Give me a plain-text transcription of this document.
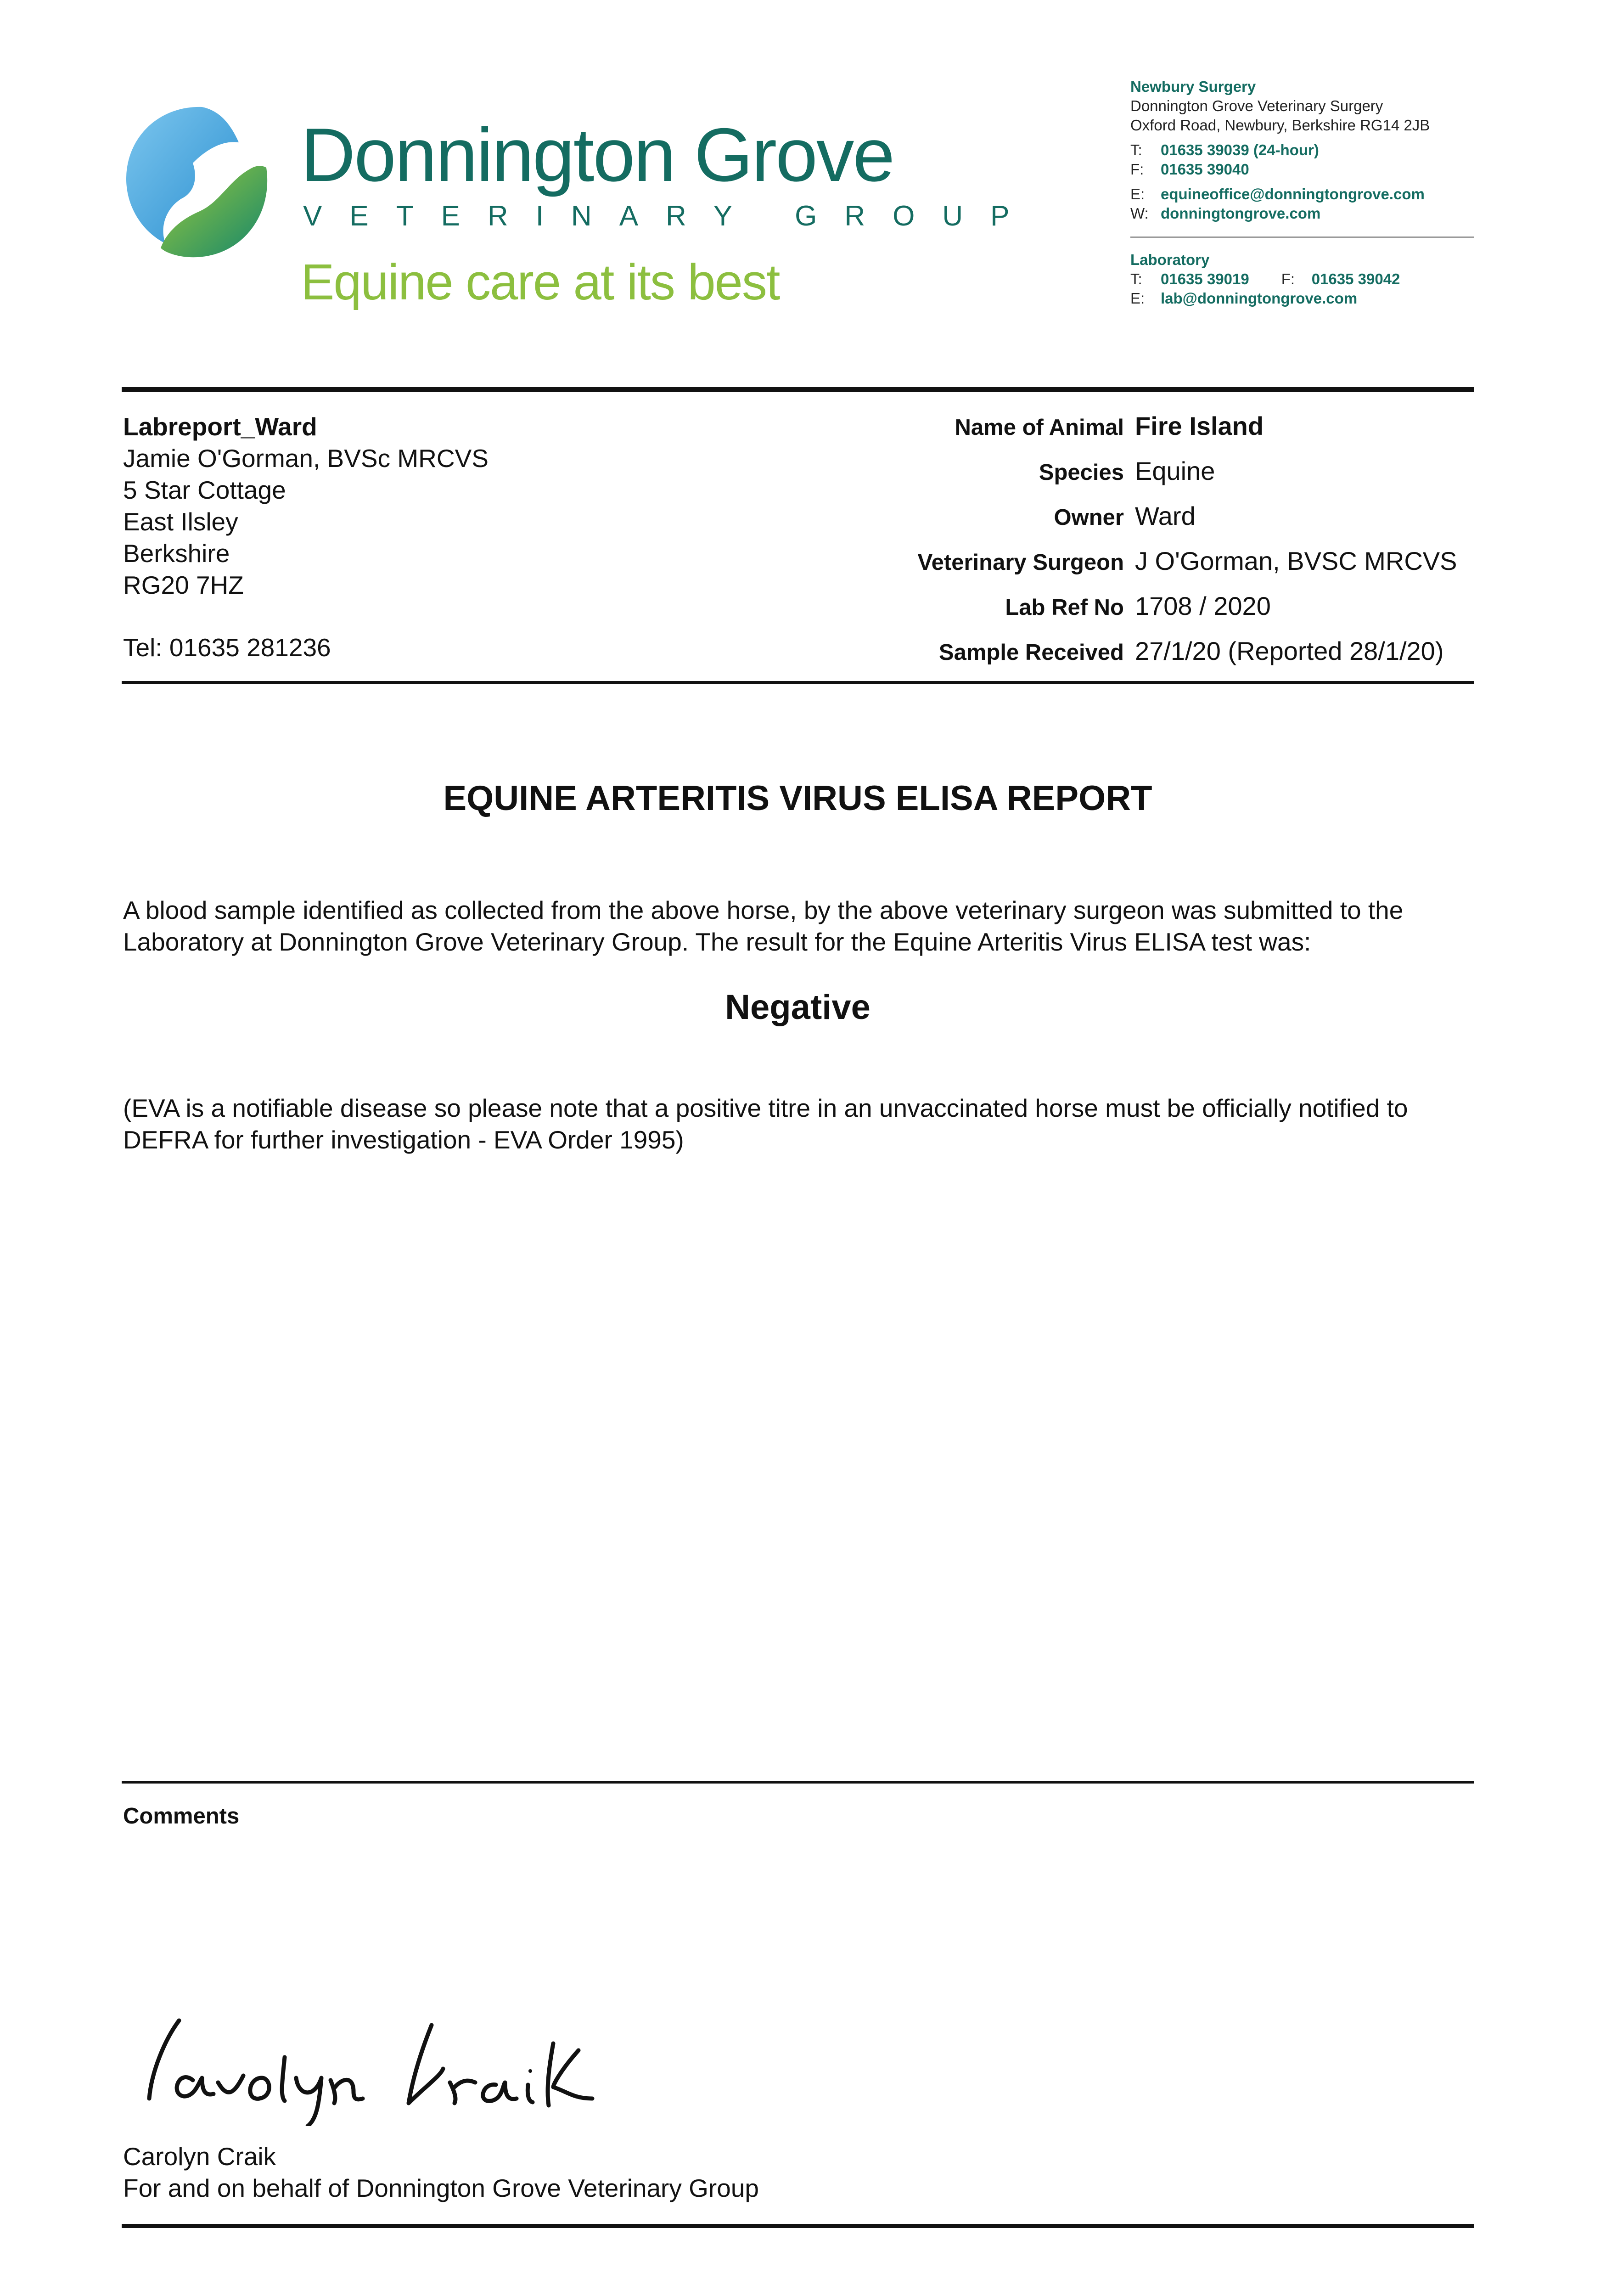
Donnington Grove
VETERINARY GROUP
Equine care at its best
Newbury Surgery
Donnington Grove Veterinary Surgery
Oxford Road, Newbury, Berkshire RG14 2JB
T: 01635 39039 (24-hour)
F: 01635 39040
E: equineoffice@donningtongrove.com
W: donningtongrove.com
Laboratory
T: 01635 39019 F: 01635 39042
E: lab@donningtongrove.com
Labreport_Ward
Jamie O'Gorman, BVSc MRCVS
5 Star Cottage
East Ilsley
Berkshire
RG20 7HZ
Tel: 01635 281236
Name of Animal Fire Island
Species Equine
Owner Ward
Veterinary Surgeon J O'Gorman, BVSC MRCVS
Lab Ref No 1708 / 2020
Sample Received 27/1/20 (Reported 28/1/20)
EQUINE ARTERITIS VIRUS ELISA REPORT
A blood sample identified as collected from the above horse, by the above veterinary surgeon was submitted to the Laboratory at Donnington Grove Veterinary Group. The result for the Equine Arteritis Virus ELISA test was:
Negative
(EVA is a notifiable disease so please note that a positive titre in an unvaccinated horse must be officially notified to DEFRA for further investigation - EVA Order 1995)
Comments
Carolyn Craik
For and on behalf of Donnington Grove Veterinary Group
